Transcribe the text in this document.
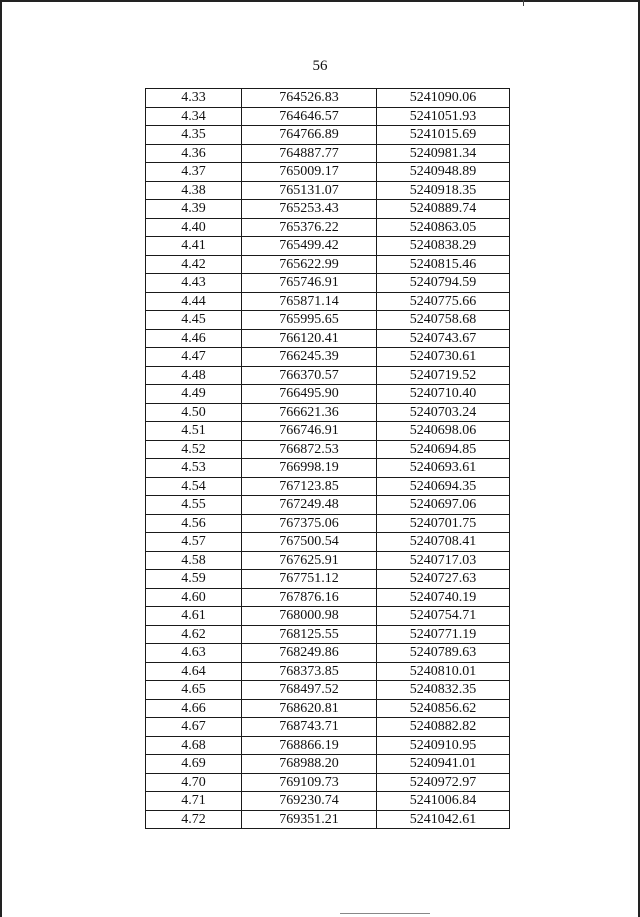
56
4.33	764526.83	5241090.06
4.34	764646.57	5241051.93
4.35	764766.89	5241015.69
4.36	764887.77	5240981.34
4.37	765009.17	5240948.89
4.38	765131.07	5240918.35
4.39	765253.43	5240889.74
4.40	765376.22	5240863.05
4.41	765499.42	5240838.29
4.42	765622.99	5240815.46
4.43	765746.91	5240794.59
4.44	765871.14	5240775.66
4.45	765995.65	5240758.68
4.46	766120.41	5240743.67
4.47	766245.39	5240730.61
4.48	766370.57	5240719.52
4.49	766495.90	5240710.40
4.50	766621.36	5240703.24
4.51	766746.91	5240698.06
4.52	766872.53	5240694.85
4.53	766998.19	5240693.61
4.54	767123.85	5240694.35
4.55	767249.48	5240697.06
4.56	767375.06	5240701.75
4.57	767500.54	5240708.41
4.58	767625.91	5240717.03
4.59	767751.12	5240727.63
4.60	767876.16	5240740.19
4.61	768000.98	5240754.71
4.62	768125.55	5240771.19
4.63	768249.86	5240789.63
4.64	768373.85	5240810.01
4.65	768497.52	5240832.35
4.66	768620.81	5240856.62
4.67	768743.71	5240882.82
4.68	768866.19	5240910.95
4.69	768988.20	5240941.01
4.70	769109.73	5240972.97
4.71	769230.74	5241006.84
4.72	769351.21	5241042.61
